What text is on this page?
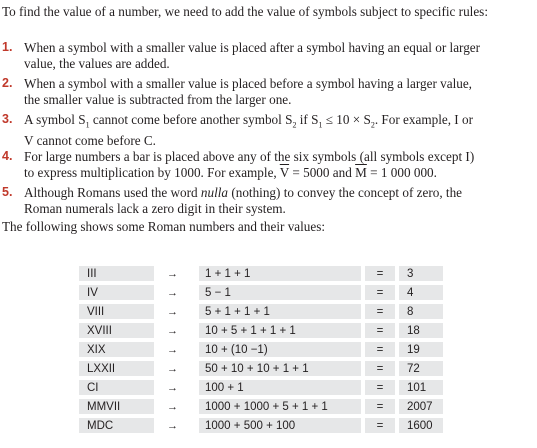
To find the value of a number, we need to add the value of symbols subject to specific rules:

1. When a symbol with a smaller value is placed after a symbol having an equal or larger
value, the values are added.
2. When a symbol with a smaller value is placed before a symbol having a larger value,
the smaller value is subtracted from the larger one.
3. A symbol $S_1$ cannot come before another symbol $S_2$ if $S_1 \le 10 \times S_2$. For example, I or
V cannot come before C.
4. For large numbers a bar is placed above any of the six symbols (all symbols except I)
to express multiplication by 1000. For example, $\overline{V} = 5000$ and $\overline{M} = 1$ 000 000.
5. Although Romans used the word nulla (nothing) to convey the concept of zero, the
Roman numerals lack a zero digit in their system.
The following shows some Roman numbers and their values:
III		→	1 + 1 + 1		=		3
IV		→	5 − 1		=		4
VIII		→	5 + 1 + 1 + 1		=		8
XVIII		→	10 + 5 + 1 + 1 + 1		=		18
XIX		→	10 + (10 −1)		=		19
LXXII		→	50 + 10 + 10 + 1 + 1		=		72
CI		→	100 + 1		=		101
MMVII		→	1000 + 1000 + 5 + 1 + 1		=		2007
MDC		→	1000 + 500 + 100		=		1600
